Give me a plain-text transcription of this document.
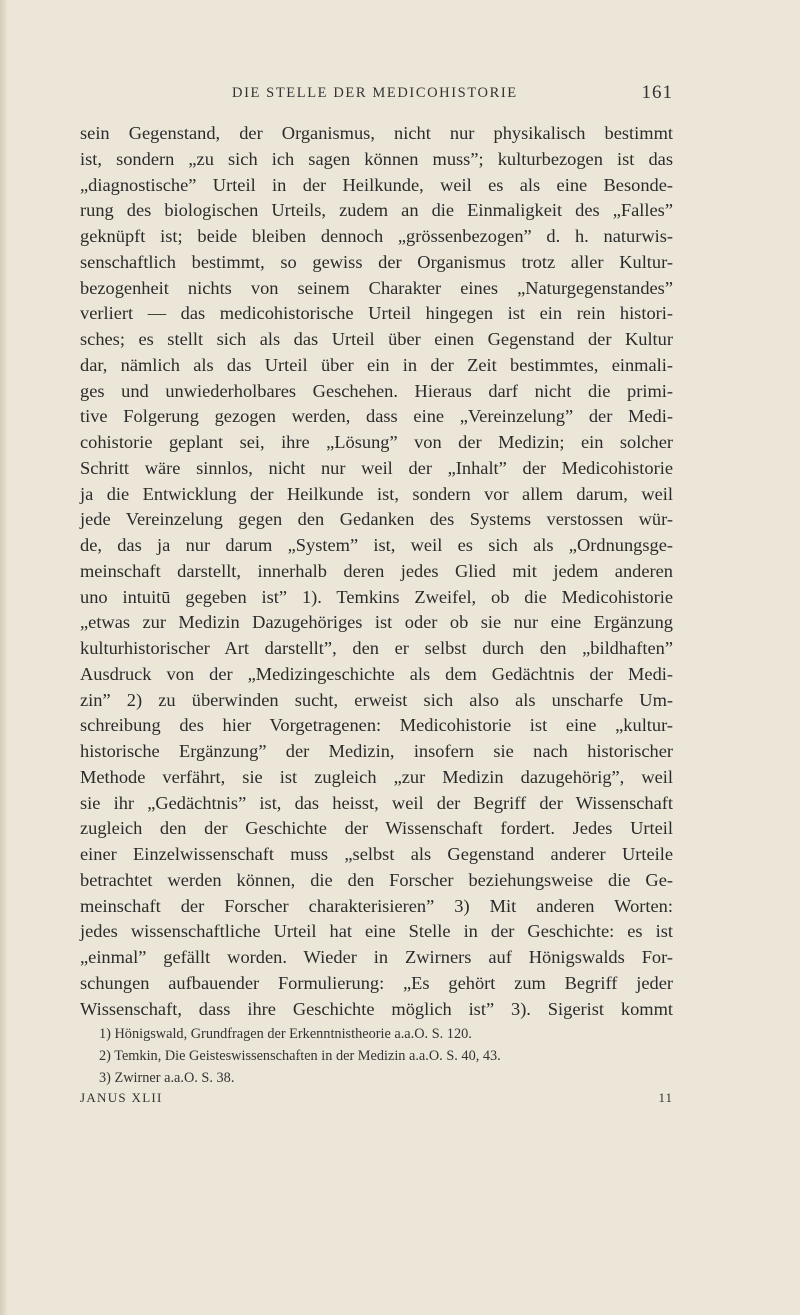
DIE STELLE DER MEDICOHISTORIE	161
sein Gegenstand, der Organismus, nicht nur physikalisch bestimmt
ist, sondern „zu sich ich sagen können muss”; kulturbezogen ist das
„diagnostische” Urteil in der Heilkunde, weil es als eine Besonde-
rung des biologischen Urteils, zudem an die Einmaligkeit des „Falles”
geknüpft ist; beide bleiben dennoch „grössenbezogen” d. h. naturwis-
senschaftlich bestimmt, so gewiss der Organismus trotz aller Kultur-
bezogenheit nichts von seinem Charakter eines „Naturgegenstandes”
verliert — das medicohistorische Urteil hingegen ist ein rein histori-
sches; es stellt sich als das Urteil über einen Gegenstand der Kultur
dar, nämlich als das Urteil über ein in der Zeit bestimmtes, einmali-
ges und unwiederholbares Geschehen. Hieraus darf nicht die primi-
tive Folgerung gezogen werden, dass eine „Vereinzelung” der Medi-
cohistorie geplant sei, ihre „Lösung” von der Medizin; ein solcher
Schritt wäre sinnlos, nicht nur weil der „Inhalt” der Medicohistorie
ja die Entwicklung der Heilkunde ist, sondern vor allem darum, weil
jede Vereinzelung gegen den Gedanken des Systems verstossen wür-
de, das ja nur darum „System” ist, weil es sich als „Ordnungsge-
meinschaft darstellt, innerhalb deren jedes Glied mit jedem anderen
uno intuitū gegeben ist” 1). Temkins Zweifel, ob die Medicohistorie
„etwas zur Medizin Dazugehöriges ist oder ob sie nur eine Ergänzung
kulturhistorischer Art darstellt”, den er selbst durch den „bildhaften”
Ausdruck von der „Medizingeschichte als dem Gedächtnis der Medi-
zin” 2) zu überwinden sucht, erweist sich also als unscharfe Um-
schreibung des hier Vorgetragenen: Medicohistorie ist eine „kultur-
historische Ergänzung” der Medizin, insofern sie nach historischer
Methode verfährt, sie ist zugleich „zur Medizin dazugehörig”, weil
sie ihr „Gedächtnis” ist, das heisst, weil der Begriff der Wissenschaft
zugleich den der Geschichte der Wissenschaft fordert. Jedes Urteil
einer Einzelwissenschaft muss „selbst als Gegenstand anderer Urteile
betrachtet werden können, die den Forscher beziehungsweise die Ge-
meinschaft der Forscher charakterisieren” 3) Mit anderen Worten:
jedes wissenschaftliche Urteil hat eine Stelle in der Geschichte: es ist
„einmal” gefällt worden. Wieder in Zwirners auf Hönigswalds For-
schungen aufbauender Formulierung: „Es gehört zum Begriff jeder
Wissenschaft, dass ihre Geschichte möglich ist” 3). Sigerist kommt
1) Hönigswald, Grundfragen der Erkenntnistheorie a.a.O. S. 120.
2) Temkin, Die Geisteswissenschaften in der Medizin a.a.O. S. 40, 43.
3) Zwirner a.a.O. S. 38.
JANUS XLII	11
